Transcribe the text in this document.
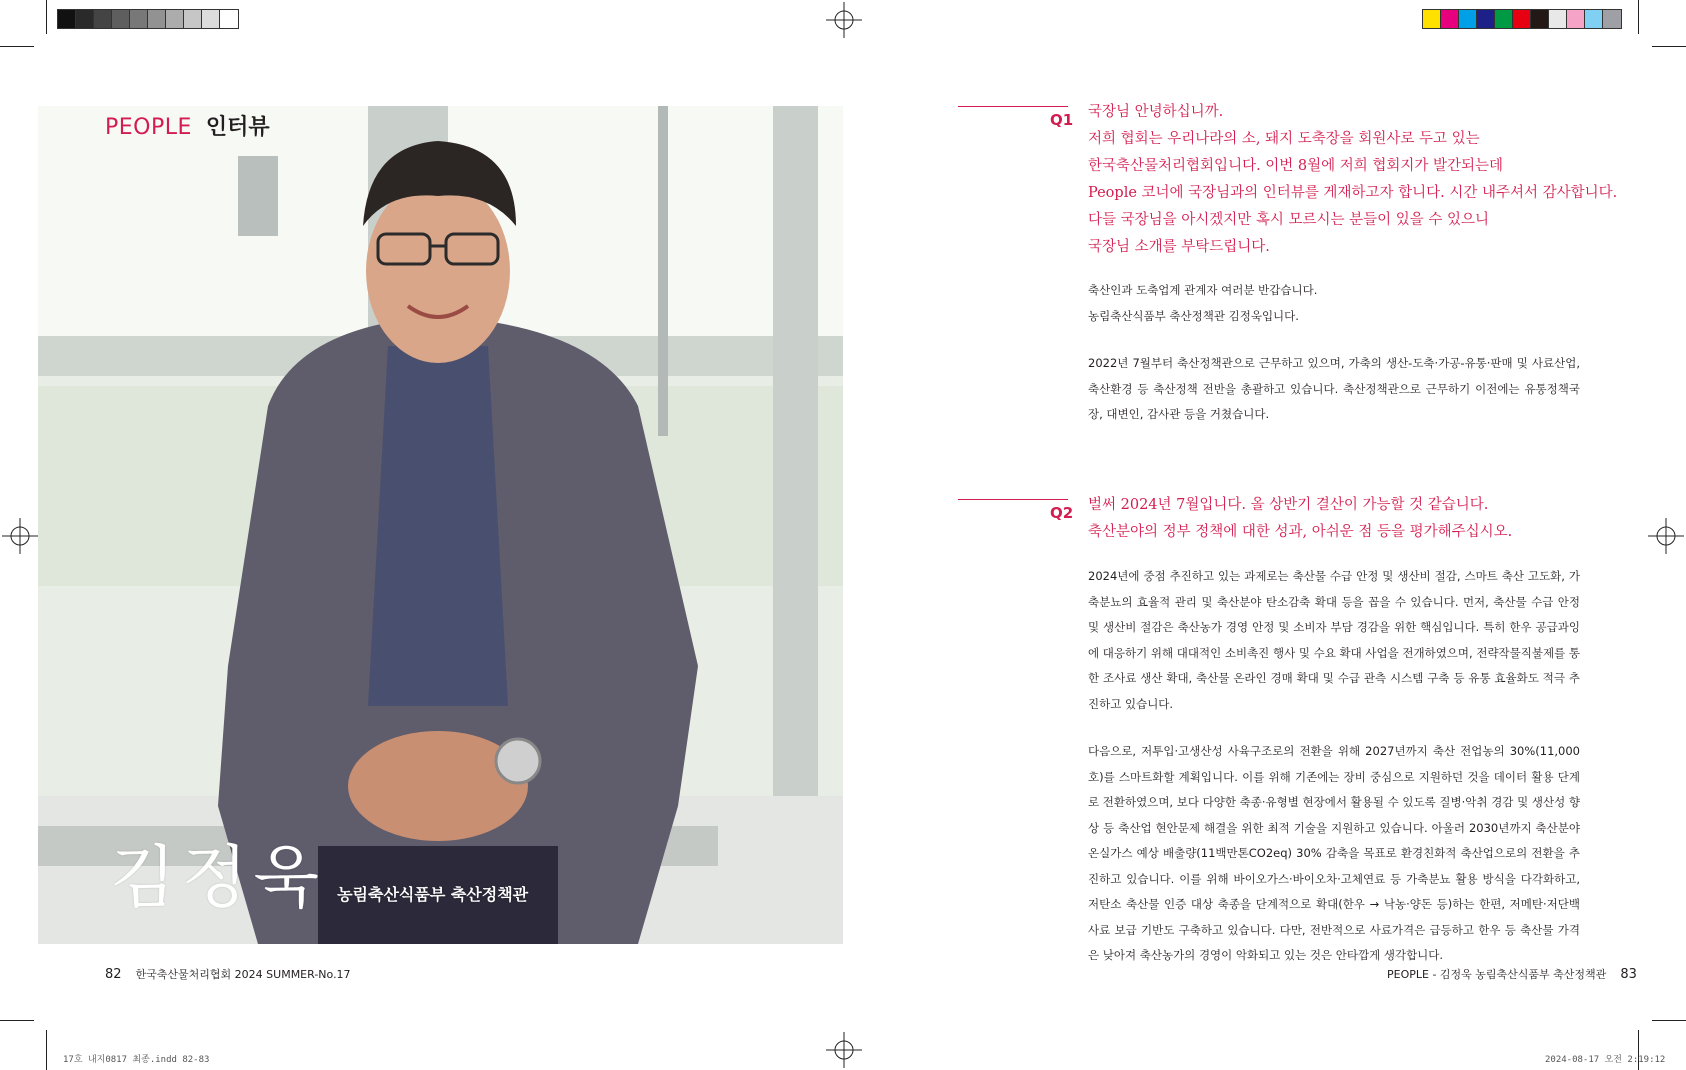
PEOPLE 인터뷰
김정욱 농림축산식품부 축산정책관
82 한국축산물처리협회 2024 SUMMER-No.17
17호 내지0817 최종.indd 82-83
Q1 국장님 안녕하십니까.
저희 협회는 우리나라의 소, 돼지 도축장을 회원사로 두고 있는
한국축산물처리협회입니다. 이번 8월에 저희 협회지가 발간되는데
People 코너에 국장님과의 인터뷰를 게재하고자 합니다. 시간 내주셔서 감사합니다.
다들 국장님을 아시겠지만 혹시 모르시는 분들이 있을 수 있으니
국장님 소개를 부탁드립니다.

축산인과 도축업계 관계자 여러분 반갑습니다.

농림축산식품부 축산정책관 김정욱입니다.

2022년 7월부터 축산정책관으로 근무하고 있으며, 가축의 생산-도축·가공-유통·판매 및 사료산업, 축산환경 등 축산정책 전반을 총괄하고 있습니다. 축산정책관으로 근무하기 이전에는 유통정책국장, 대변인, 감사관 등을 거쳤습니다.

Q2 벌써 2024년 7월입니다. 올 상반기 결산이 가능할 것 같습니다.
축산분야의 정부 정책에 대한 성과, 아쉬운 점 등을 평가해주십시오.

2024년에 중점 추진하고 있는 과제로는 축산물 수급 안정 및 생산비 절감, 스마트 축산 고도화, 가축분뇨의 효율적 관리 및 축산분야 탄소감축 확대 등을 꼽을 수 있습니다. 먼저, 축산물 수급 안정 및 생산비 절감은 축산농가 경영 안정 및 소비자 부담 경감을 위한 핵심입니다. 특히 한우 공급과잉에 대응하기 위해 대대적인 소비촉진 행사 및 수요 확대 사업을 전개하였으며, 전략작물직불제를 통한 조사료 생산 확대, 축산물 온라인 경매 확대 및 수급 관측 시스템 구축 등 유통 효율화도 적극 추진하고 있습니다.

다음으로, 저투입·고생산성 사육구조로의 전환을 위해 2027년까지 축산 전업농의 30%(11,000호)를 스마트화할 계획입니다. 이를 위해 기존에는 장비 중심으로 지원하던 것을 데이터 활용 단계로 전환하였으며, 보다 다양한 축종·유형별 현장에서 활용될 수 있도록 질병·악취 경감 및 생산성 향상 등 축산업 현안문제 해결을 위한 최적 기술을 지원하고 있습니다. 아울러 2030년까지 축산분야 온실가스 예상 배출량(11백만톤CO2eq) 30% 감축을 목표로 환경친화적 축산업으로의 전환을 추진하고 있습니다. 이를 위해 바이오가스·바이오차·고체연료 등 가축분뇨 활용 방식을 다각화하고, 저탄소 축산물 인증 대상 축종을 단계적으로 확대(한우 → 낙농·양돈 등)하는 한편, 저메탄·저단백 사료 보급 기반도 구축하고 있습니다. 다만, 전반적으로 사료가격은 급등하고 한우 등 축산물 가격은 낮아져 축산농가의 경영이 악화되고 있는 것은 안타깝게 생각합니다.

PEOPLE - 김정욱 농림축산식품부 축산정책관 83
2024-08-17 오전 2:19:12
